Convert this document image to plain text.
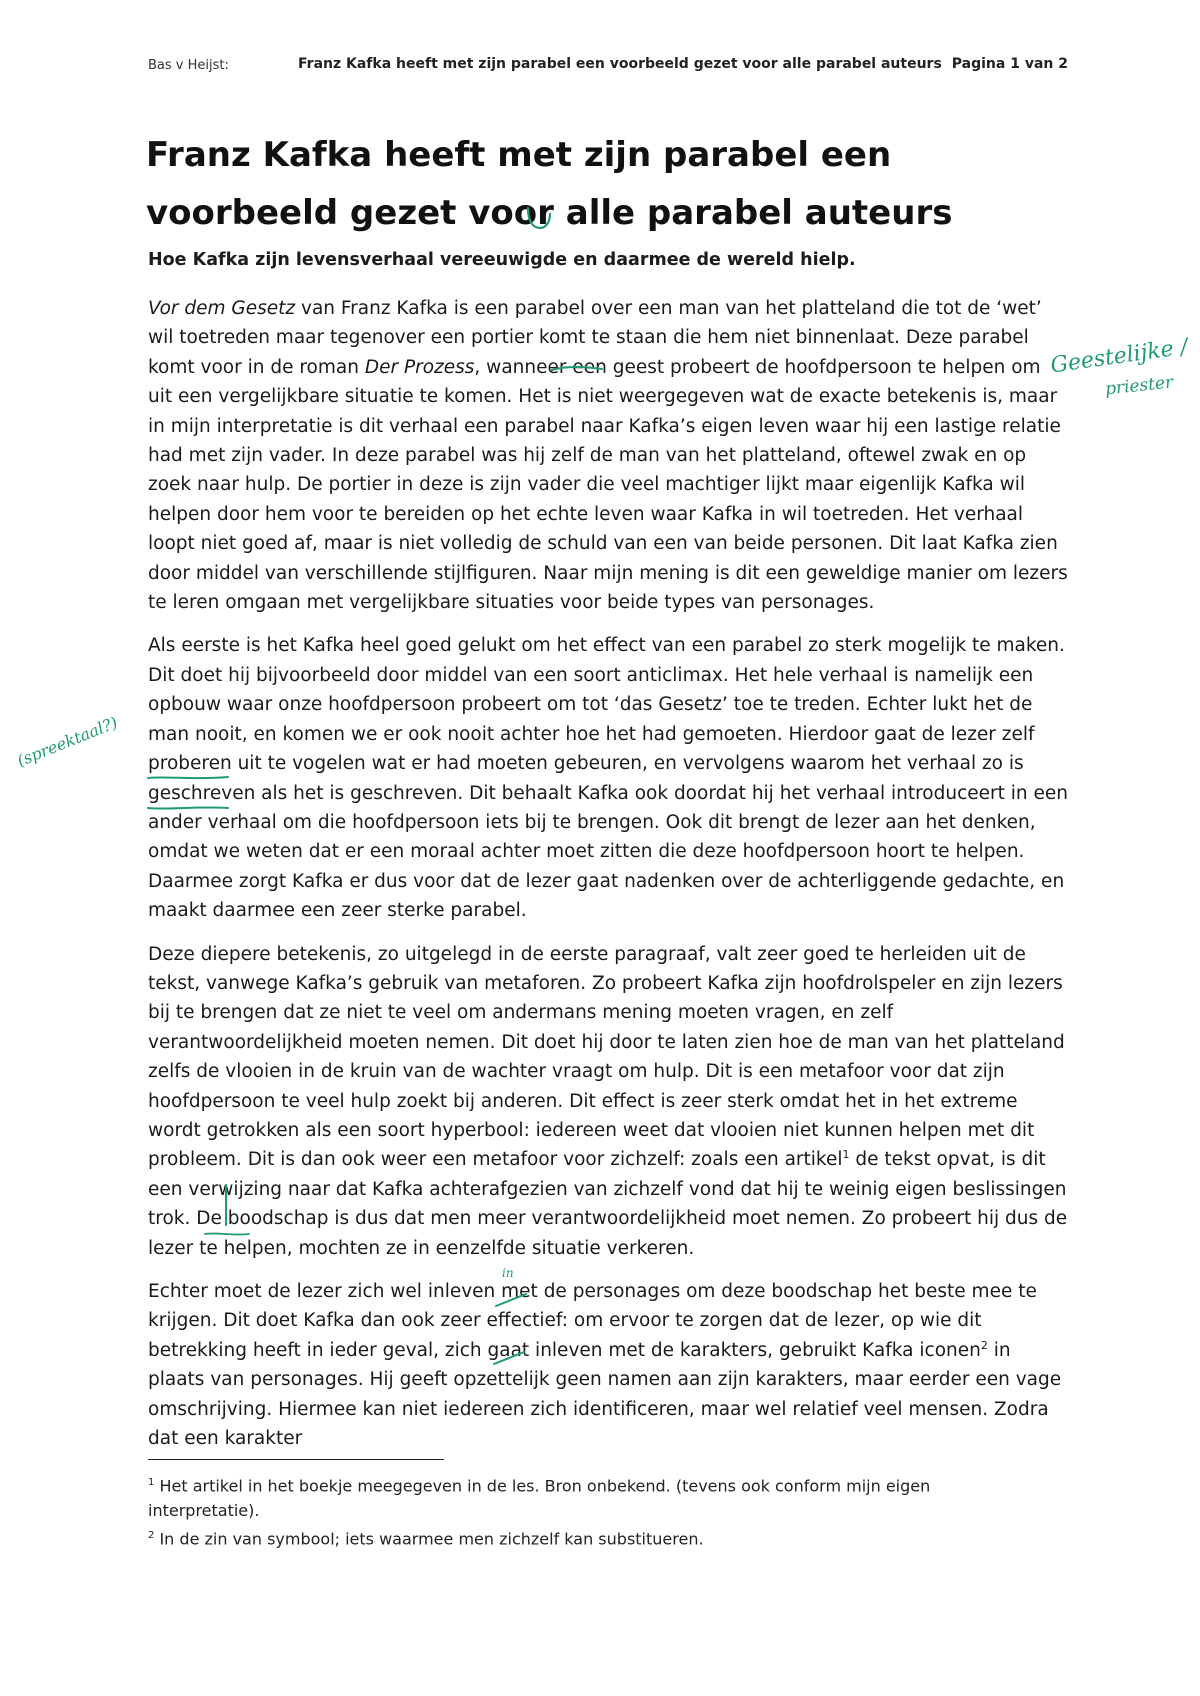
Bas v Heijst:	Franz Kafka heeft met zijn parabel een voorbeeld gezet voor alle parabel auteurs Pagina 1 van 2
Franz Kafka heeft met zijn parabel een voorbeeld gezet voor alle parabel auteurs
Hoe Kafka zijn levensverhaal vereeuwigde en daarmee de wereld hielp.

Vor dem Gesetz van Franz Kafka is een parabel over een man van het platteland die tot de ‘wet’ wil toetreden maar tegenover een portier komt te staan die hem niet binnenlaat. Deze parabel komt voor in de roman Der Prozess, wanneer een geest probeert de hoofdpersoon te helpen om uit een vergelijkbare situatie te komen. Het is niet weergegeven wat de exacte betekenis is, maar in mijn interpretatie is dit verhaal een parabel naar Kafka’s eigen leven waar hij een lastige relatie had met zijn vader. In deze parabel was hij zelf de man van het platteland, oftewel zwak en op zoek naar hulp. De portier in deze is zijn vader die veel machtiger lijkt maar eigenlijk Kafka wil helpen door hem voor te bereiden op het echte leven waar Kafka in wil toetreden. Het verhaal loopt niet goed af, maar is niet volledig de schuld van een van beide personen. Dit laat Kafka zien door middel van verschillende stijlfiguren. Naar mijn mening is dit een geweldige manier om lezers te leren omgaan met vergelijkbare situaties voor beide types van personages.

Als eerste is het Kafka heel goed gelukt om het effect van een parabel zo sterk mogelijk te maken. Dit doet hij bijvoorbeeld door middel van een soort anticlimax. Het hele verhaal is namelijk een opbouw waar onze hoofdpersoon probeert om tot ‘das Gesetz’ toe te treden. Echter lukt het de man nooit, en komen we er ook nooit achter hoe het had gemoeten. Hierdoor gaat de lezer zelf proberen uit te vogelen wat er had moeten gebeuren, en vervolgens waarom het verhaal zo is geschreven als het is geschreven. Dit behaalt Kafka ook doordat hij het verhaal introduceert in een ander verhaal om die hoofdpersoon iets bij te brengen. Ook dit brengt de lezer aan het denken, omdat we weten dat er een moraal achter moet zitten die deze hoofdpersoon hoort te helpen. Daarmee zorgt Kafka er dus voor dat de lezer gaat nadenken over de achterliggende gedachte, en maakt daarmee een zeer sterke parabel.

Deze diepere betekenis, zo uitgelegd in de eerste paragraaf, valt zeer goed te herleiden uit de tekst, vanwege Kafka’s gebruik van metaforen. Zo probeert Kafka zijn hoofdrolspeler en zijn lezers bij te brengen dat ze niet te veel om andermans mening moeten vragen, en zelf verantwoordelijkheid moeten nemen. Dit doet hij door te laten zien hoe de man van het platteland zelfs de vlooien in de kruin van de wachter vraagt om hulp. Dit is een metafoor voor dat zijn hoofdpersoon te veel hulp zoekt bij anderen. Dit effect is zeer sterk omdat het in het extreme wordt getrokken als een soort hyperbool: iedereen weet dat vlooien niet kunnen helpen met dit probleem. Dit is dan ook weer een metafoor voor zichzelf: zoals een artikel$^1$ de tekst opvat, is dit een verwijzing naar dat Kafka achterafgezien van zichzelf vond dat hij te weinig eigen beslissingen trok. De boodschap is dus dat men meer verantwoordelijkheid moet nemen. Zo probeert hij dus de lezer te helpen, mochten ze in eenzelfde situatie verkeren.

Echter moet de lezer zich wel inleven met de personages om deze boodschap het beste mee te krijgen. Dit doet Kafka dan ook zeer effectief: om ervoor te zorgen dat de lezer, op wie dit betrekking heeft in ieder geval, zich gaat inleven met de karakters, gebruikt Kafka iconen$^2$ in plaats van personages. Hij geeft opzettelijk geen namen aan zijn karakters, maar eerder een vage omschrijving. Hiermee kan niet iedereen zich identificeren, maar wel relatief veel mensen. Zodra dat een karakter

$^1$ Het artikel in het boekje meegegeven in de les. Bron onbekend. (tevens ook conform mijn eigen interpretatie).

$^2$ In de zin van symbool; iets waarmee men zichzelf kan substitueren.

Geestelijke /
priester
(spreektaal?)
in
